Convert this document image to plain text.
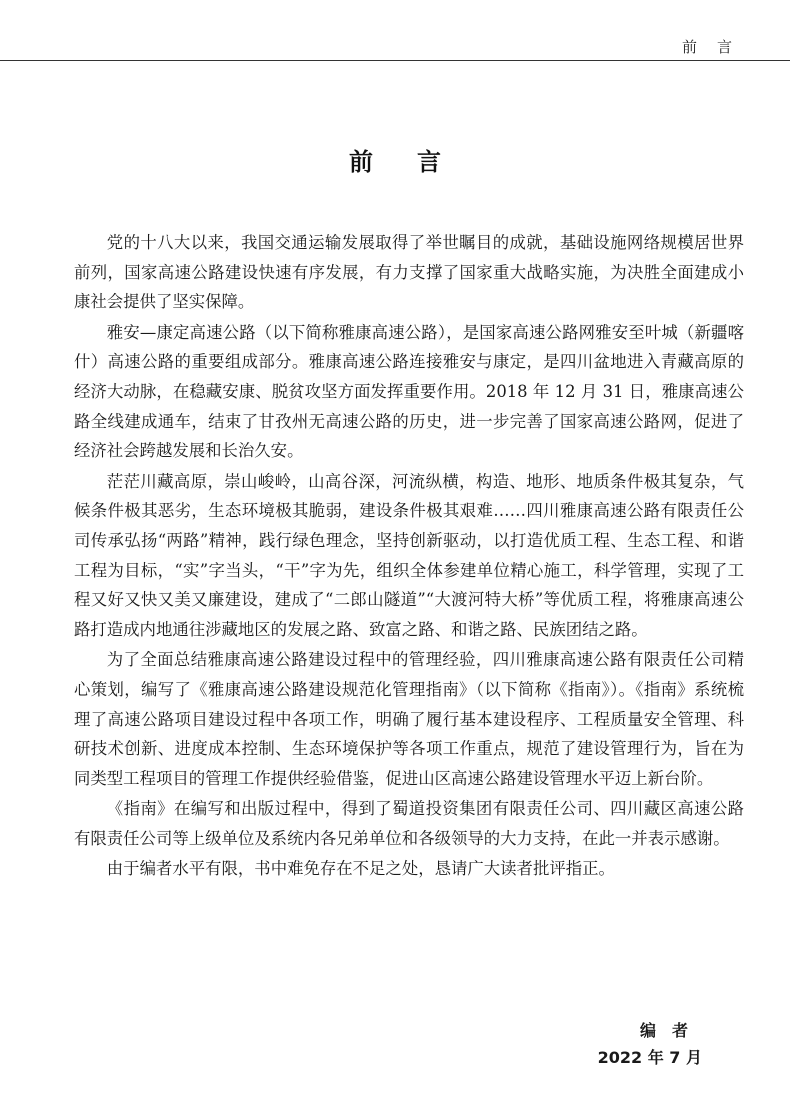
前言
前言

党的十八大以来，我国交通运输发展取得了举世瞩目的成就，基础设施网络规模居世界前列，国家高速公路建设快速有序发展，有力支撑了国家重大战略实施，为决胜全面建成小康社会提供了坚实保障。

雅安—康定高速公路（以下简称雅康高速公路），是国家高速公路网雅安至叶城（新疆喀什）高速公路的重要组成部分。雅康高速公路连接雅安与康定，是四川盆地进入青藏高原的经济大动脉，在稳藏安康、脱贫攻坚方面发挥重要作用。2018 年 12 月 31 日，雅康高速公路全线建成通车，结束了甘孜州无高速公路的历史，进一步完善了国家高速公路网，促进了经济社会跨越发展和长治久安。

茫茫川藏高原，崇山峻岭，山高谷深，河流纵横，构造、地形、地质条件极其复杂，气候条件极其恶劣，生态环境极其脆弱，建设条件极其艰难……四川雅康高速公路有限责任公司传承弘扬“两路”精神，践行绿色理念，坚持创新驱动，以打造优质工程、生态工程、和谐工程为目标，“实”字当头，“干”字为先，组织全体参建单位精心施工，科学管理，实现了工程又好又快又美又廉建设，建成了“二郎山隧道”“大渡河特大桥”等优质工程，将雅康高速公路打造成内地通往涉藏地区的发展之路、致富之路、和谐之路、民族团结之路。

为了全面总结雅康高速公路建设过程中的管理经验，四川雅康高速公路有限责任公司精心策划，编写了《雅康高速公路建设规范化管理指南》（以下简称《指南》）。《指南》系统梳理了高速公路项目建设过程中各项工作，明确了履行基本建设程序、工程质量安全管理、科研技术创新、进度成本控制、生态环境保护等各项工作重点，规范了建设管理行为，旨在为同类型工程项目的管理工作提供经验借鉴，促进山区高速公路建设管理水平迈上新台阶。

《指南》在编写和出版过程中，得到了蜀道投资集团有限责任公司、四川藏区高速公路有限责任公司等上级单位及系统内各兄弟单位和各级领导的大力支持，在此一并表示感谢。

由于编者水平有限，书中难免存在不足之处，恳请广大读者批评指正。

编者
2022 年 7 月
